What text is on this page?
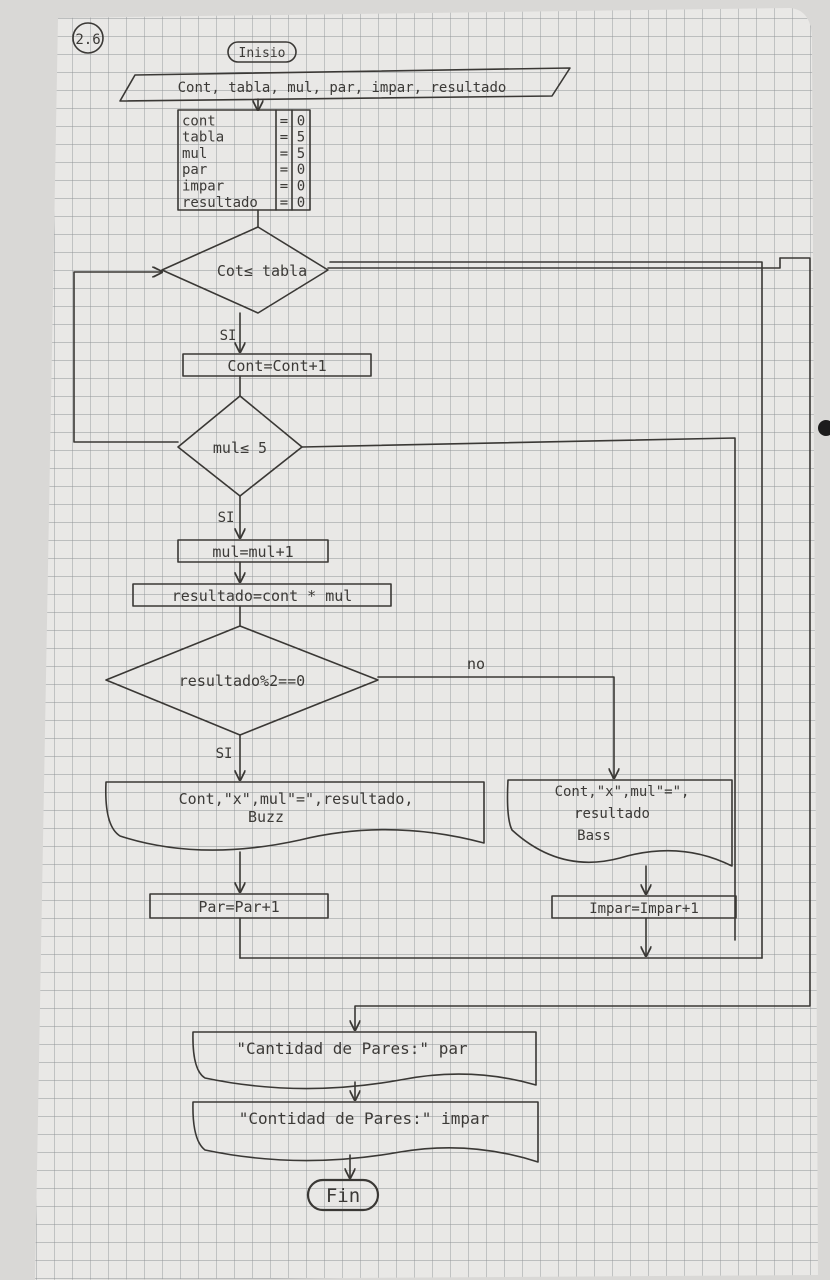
2.6
Inisio
Cont, tabla, mul, par, impar, resultado
cont	= 0
tabla	= 5
mul	= 5
par	= 0
impar	= 0
resultado = 0
Cot≤ tabla
SI
Cont=Cont+1
mul≤ 5
SI
mul=mul+1
resultado=cont * mul
resultado%2==0
no
SI
Cont,"x",mul"=",resultado,
Buzz
Cont,"x",mul"=",
resultado
Bass
Par=Par+1	Impar=Impar+1
"Cantidad de Pares:" par
"Contidad de Pares:" impar
Fin
